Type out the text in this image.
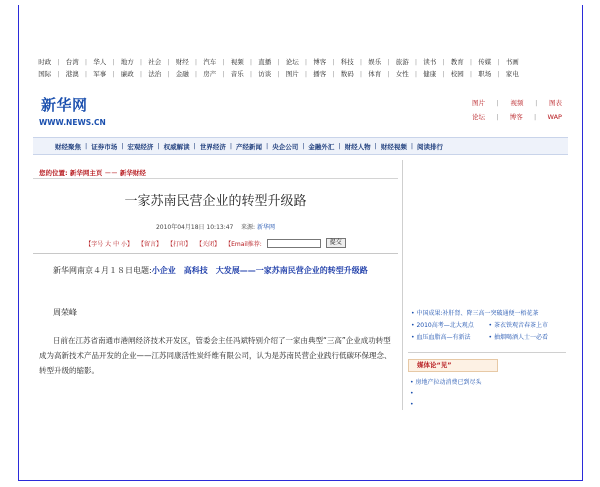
时政 | 台湾 | 华人 | 地方 | 社会 | 财经 | 汽车 | 视频 | 直播 | 论坛 | 博客 | 科技 | 娱乐 | 旅游 | 读书 | 教育 | 传媒 | 书画
国际 | 港澳 | 军事 | 廉政 | 法治 | 金融 | 房产 | 音乐 | 访谈 | 图片 | 播客 | 数码 | 体育 | 女性 | 健康 | 校园 | 职场 | 家电
新华网
WWW.NEWS.CN
图片 | 视频 | 图表
论坛 | 博客 | WAP
财经聚焦 | 证券市场 | 宏观经济 | 权威解读 | 世界经济 | 产经新闻 | 央企公司 | 金融外汇 | 财经人物 | 财经视频 | 阅读排行
您的位置: 新华网主页 －－ 新华财经
一家苏南民营企业的转型升级路
2010年04月18日 10:13:47 来源: 新华网
【字号 大 中 小】 【留言】 【打印】 【关闭】 【Email推荐:	提交
新华网南京４月１８日电题:小企业　高科技　大发展——一家苏南民营企业的转型升级路
周荣峰
日前在江苏省南通市港闸经济技术开发区，管委会主任冯斌特别介绍了一家由典型“三高”企业成功转型成为高新技术产品开发的企业——江苏同康活性炭纤维有限公司，认为是苏南民营企业践行低碳环保理念、转型升级的缩影。
• 中国成果:补肝肾、降三高一突破通便一梧花茶
• 2010高考—北大观点	• 茶衣铁观音春茶上市
• 血压血脂高—有新法	• 抽烟喝酒人士一必看
媒体论“见”
• 房地产拉动消费已到尽头
•
•
